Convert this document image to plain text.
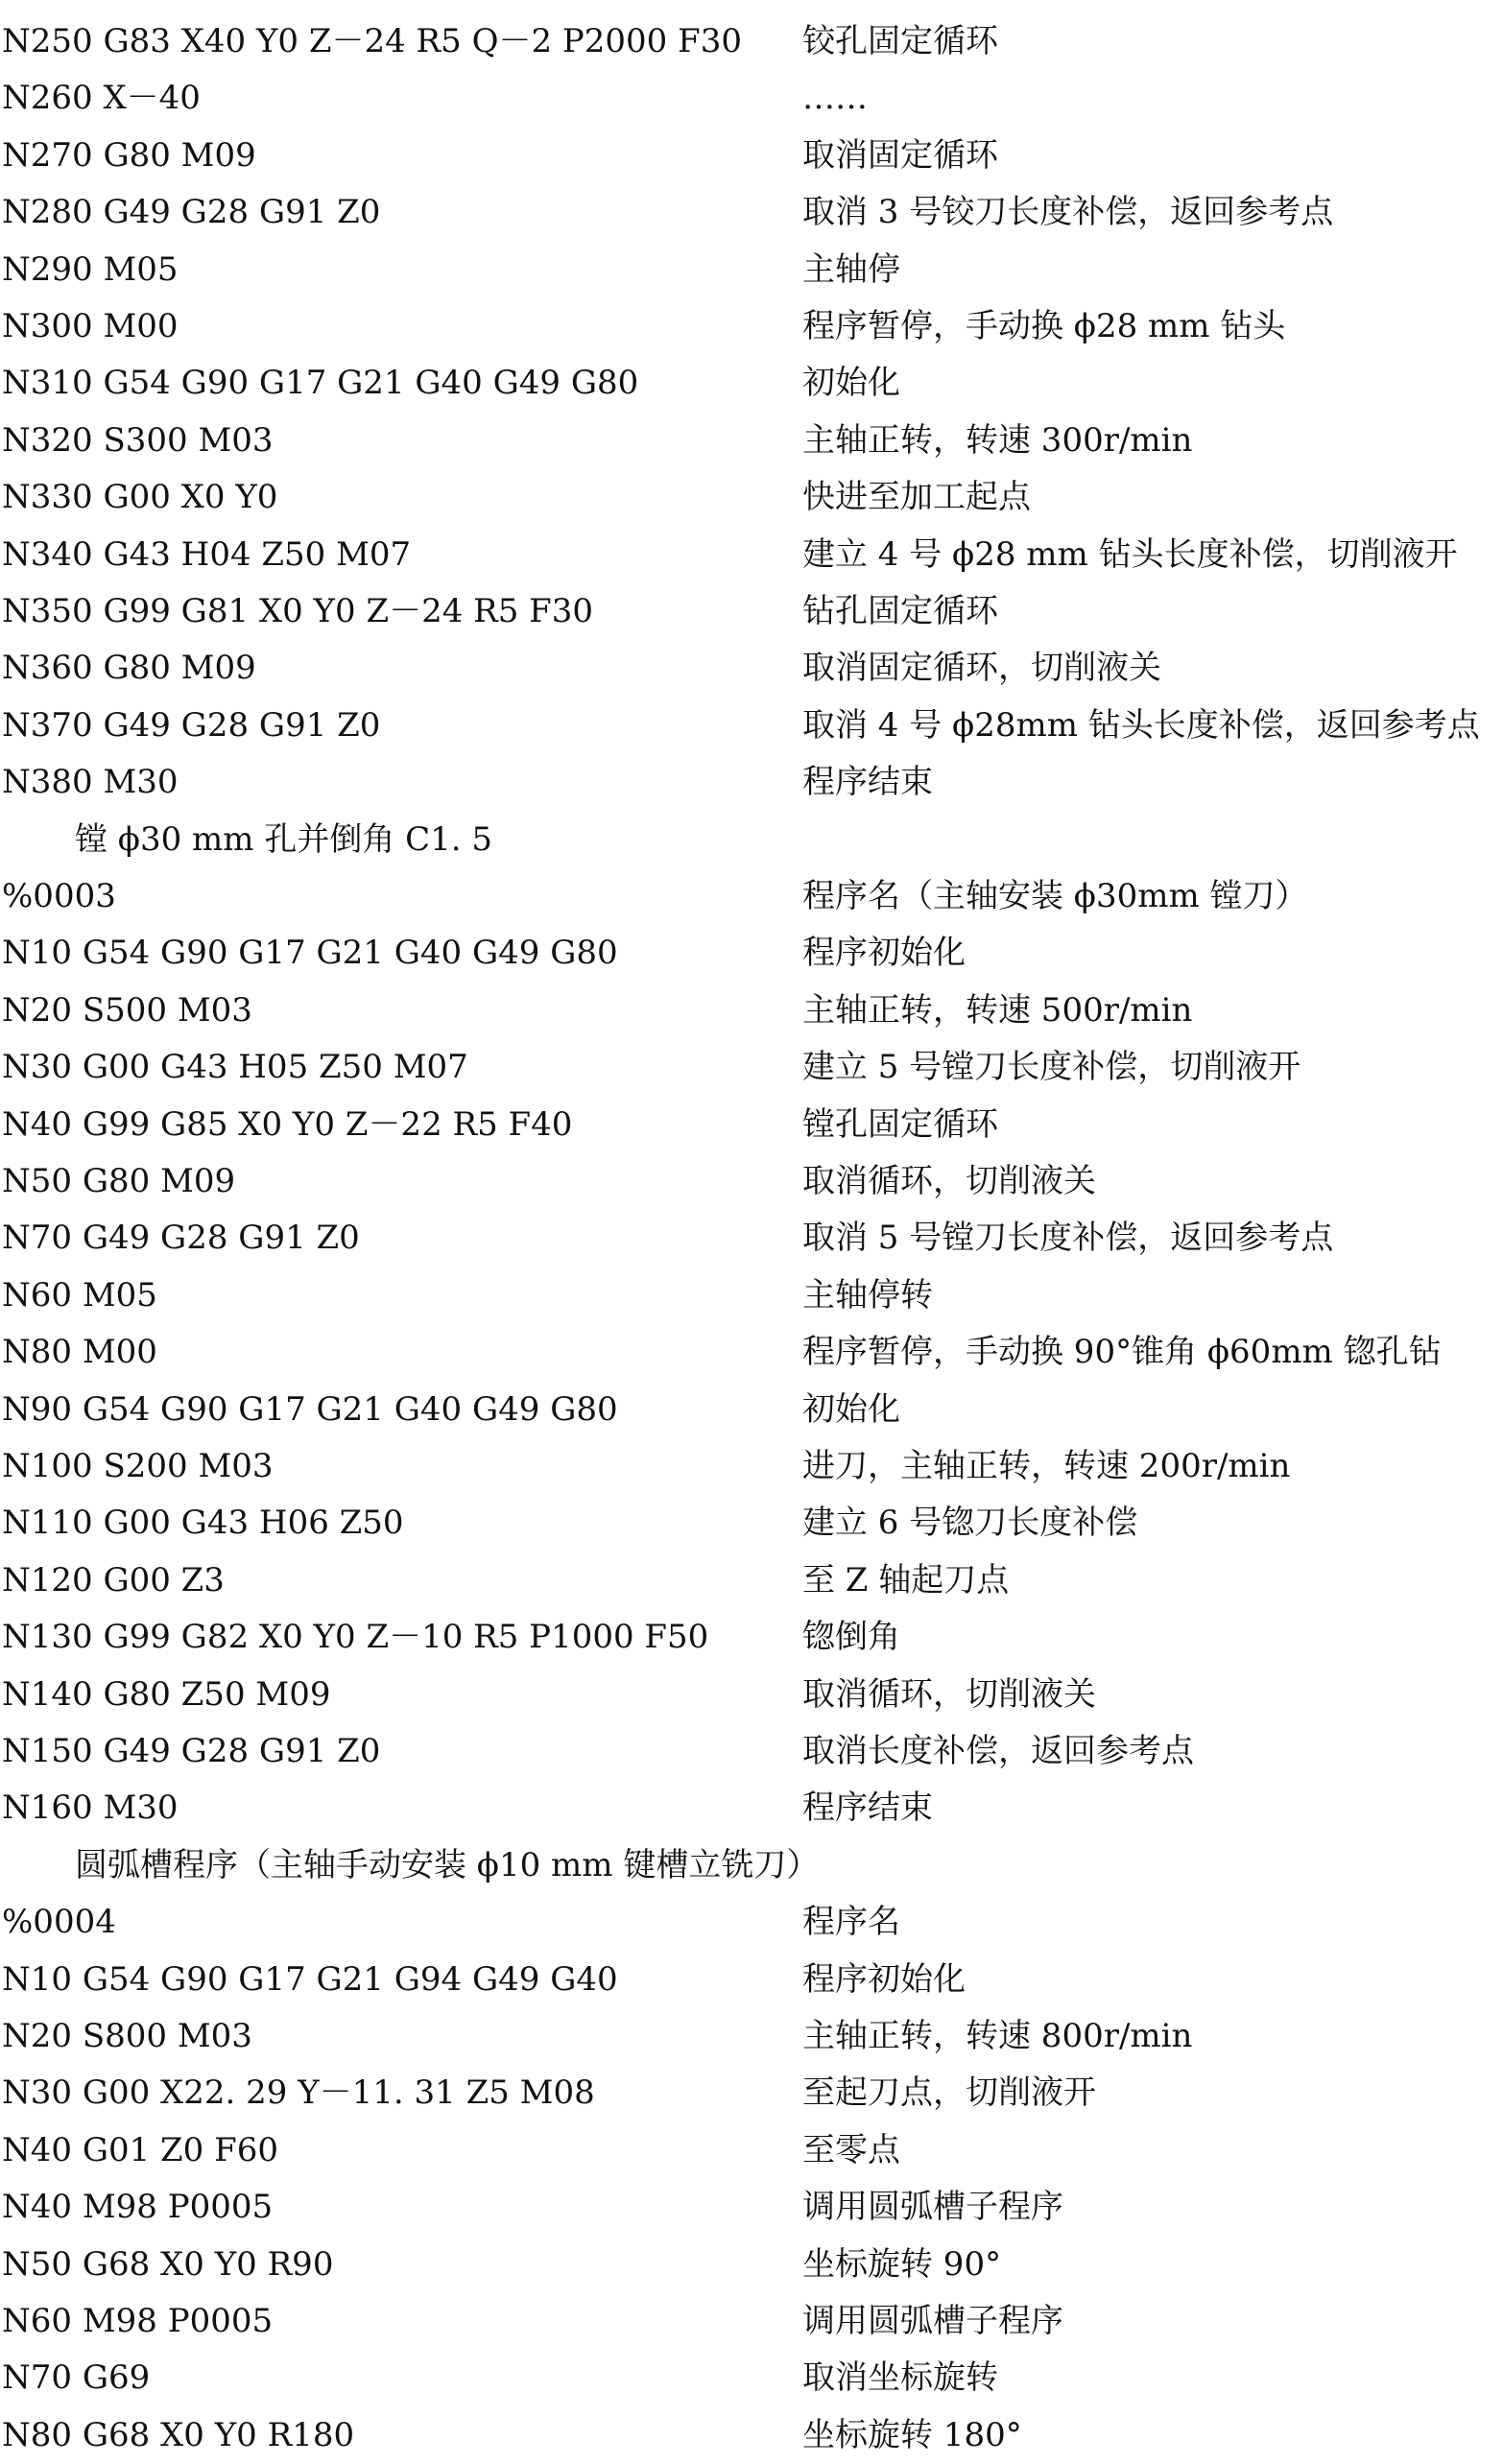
N250 G83 X40 Y0 Z－24 R5 Q－2 P2000 F30 铰孔固定循环
N260 X－40	……
N270 G80 M09	取消固定循环
N280 G49 G28 G91 Z0	取消 3 号铰刀长度补偿，返回参考点
N290 M05	主轴停
N300 M00	程序暂停，手动换 ϕ28 mm 钻头
N310 G54 G90 G17 G21 G40 G49 G80	初始化
N320 S300 M03	主轴正转，转速 300r/min
N330 G00 X0 Y0	快进至加工起点
N340 G43 H04 Z50 M07	建立 4 号 ϕ28 mm 钻头长度补偿，切削液开
N350 G99 G81 X0 Y0 Z－24 R5 F30	钻孔固定循环
N360 G80 M09	取消固定循环，切削液关
N370 G49 G28 G91 Z0	取消 4 号 ϕ28mm 钻头长度补偿，返回参考点
N380 M30	程序结束
镗 ϕ30 mm 孔并倒角 C1. 5
%0003	程序名（主轴安装 ϕ30mm 镗刀）
N10 G54 G90 G17 G21 G40 G49 G80	程序初始化
N20 S500 M03	主轴正转，转速 500r/min
N30 G00 G43 H05 Z50 M07	建立 5 号镗刀长度补偿，切削液开
N40 G99 G85 X0 Y0 Z－22 R5 F40	镗孔固定循环
N50 G80 M09	取消循环，切削液关
N70 G49 G28 G91 Z0	取消 5 号镗刀长度补偿，返回参考点
N60 M05	主轴停转
N80 M00	程序暂停，手动换 90°锥角 ϕ60mm 锪孔钻
N90 G54 G90 G17 G21 G40 G49 G80	初始化
N100 S200 M03	进刀，主轴正转，转速 200r/min
N110 G00 G43 H06 Z50	建立 6 号锪刀长度补偿
N120 G00 Z3	至 Z 轴起刀点
N130 G99 G82 X0 Y0 Z－10 R5 P1000 F50	锪倒角
N140 G80 Z50 M09	取消循环，切削液关
N150 G49 G28 G91 Z0	取消长度补偿，返回参考点
N160 M30	程序结束
圆弧槽程序（主轴手动安装 ϕ10 mm 键槽立铣刀）
%0004	程序名
N10 G54 G90 G17 G21 G94 G49 G40	程序初始化
N20 S800 M03	主轴正转，转速 800r/min
N30 G00 X22. 29 Y－11. 31 Z5 M08	至起刀点，切削液开
N40 G01 Z0 F60	至零点
N40 M98 P0005	调用圆弧槽子程序
N50 G68 X0 Y0 R90	坐标旋转 90°
N60 M98 P0005	调用圆弧槽子程序
N70 G69	取消坐标旋转
N80 G68 X0 Y0 R180	坐标旋转 180°
